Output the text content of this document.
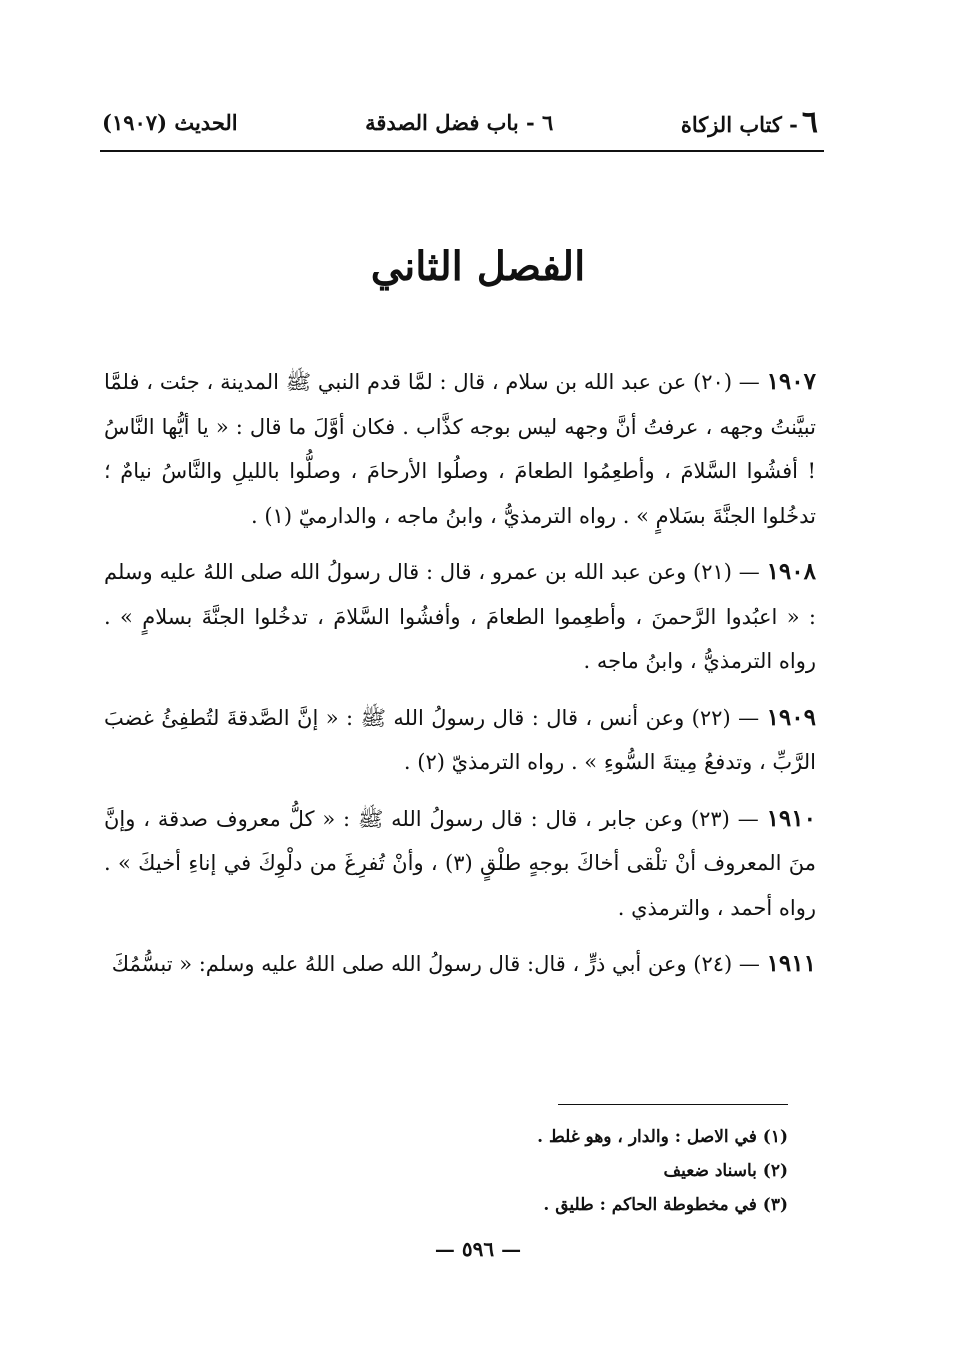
٦- كتاب الزكاة
٦ - باب فضل الصدقة
الحديث (١٩٠٧)
الفصل الثاني

١٩٠٧ — (٢٠) عن عبد الله بن سلام ، قال : لمَّا قدم النبي ﷺ المدينة ، جئت ، فلمَّا تبيَّنتُ وجهه ، عرفتُ أنَّ وجهه ليس بوجه كذَّاب . فكان أوَّلَ ما قال : « يا أيُّها النَّاسُ ! أفشُوا السَّلامَ ، وأطعِمُوا الطعامَ ، وصلُوا الأرحامَ ، وصلُّوا بالليلِ والنَّاسُ نيامٌ ؛ تدخُلوا الجنَّةَ بسَلامٍ » . رواه الترمذيُّ ، وابنُ ماجه ، والدارميّ (١) .

١٩٠٨ — (٢١) وعن عبد الله بن عمرو ، قال : قال رسولُ الله صلى اللهُ عليه وسلم : « اعبُدوا الرَّحمنَ ، وأطعِموا الطعامَ ، وأفشُوا السَّلامَ ، تدخُلوا الجنَّةَ بسلامٍ » . رواه الترمذيُّ ، وابنُ ماجه .

١٩٠٩ — (٢٢) وعن أنس ، قال : قال رسولُ الله ﷺ : « إنَّ الصَّدقةَ لتُطفِئُ غضبَ الرَّبِّ ، وتدفعُ مِيتةَ السُّوءِ » . رواه الترمذيّ (٢) .

١٩١٠ — (٢٣) وعن جابر ، قال : قال رسولُ الله ﷺ : « كلُّ معروف صدقة ، وإنَّ منَ المعروف أنْ تلْقى أخاكَ بوجهٍ طلْقٍ (٣) ، وأنْ تُفرِغَ من دلْوِكَ في إناءِ أخيكَ » . رواه أحمد ، والترمذي .

١٩١١ — (٢٤) وعن أبي ذرٍّ ، قال: قال رسولُ الله صلى اللهُ عليه وسلم: « تبسُّمُكَ

(١) في الاصل : والدار ، وهو غلط .
(٢) باسناد ضعيف
(٣) في مخطوطة الحاكم : طليق .
— ٥٩٦ —
